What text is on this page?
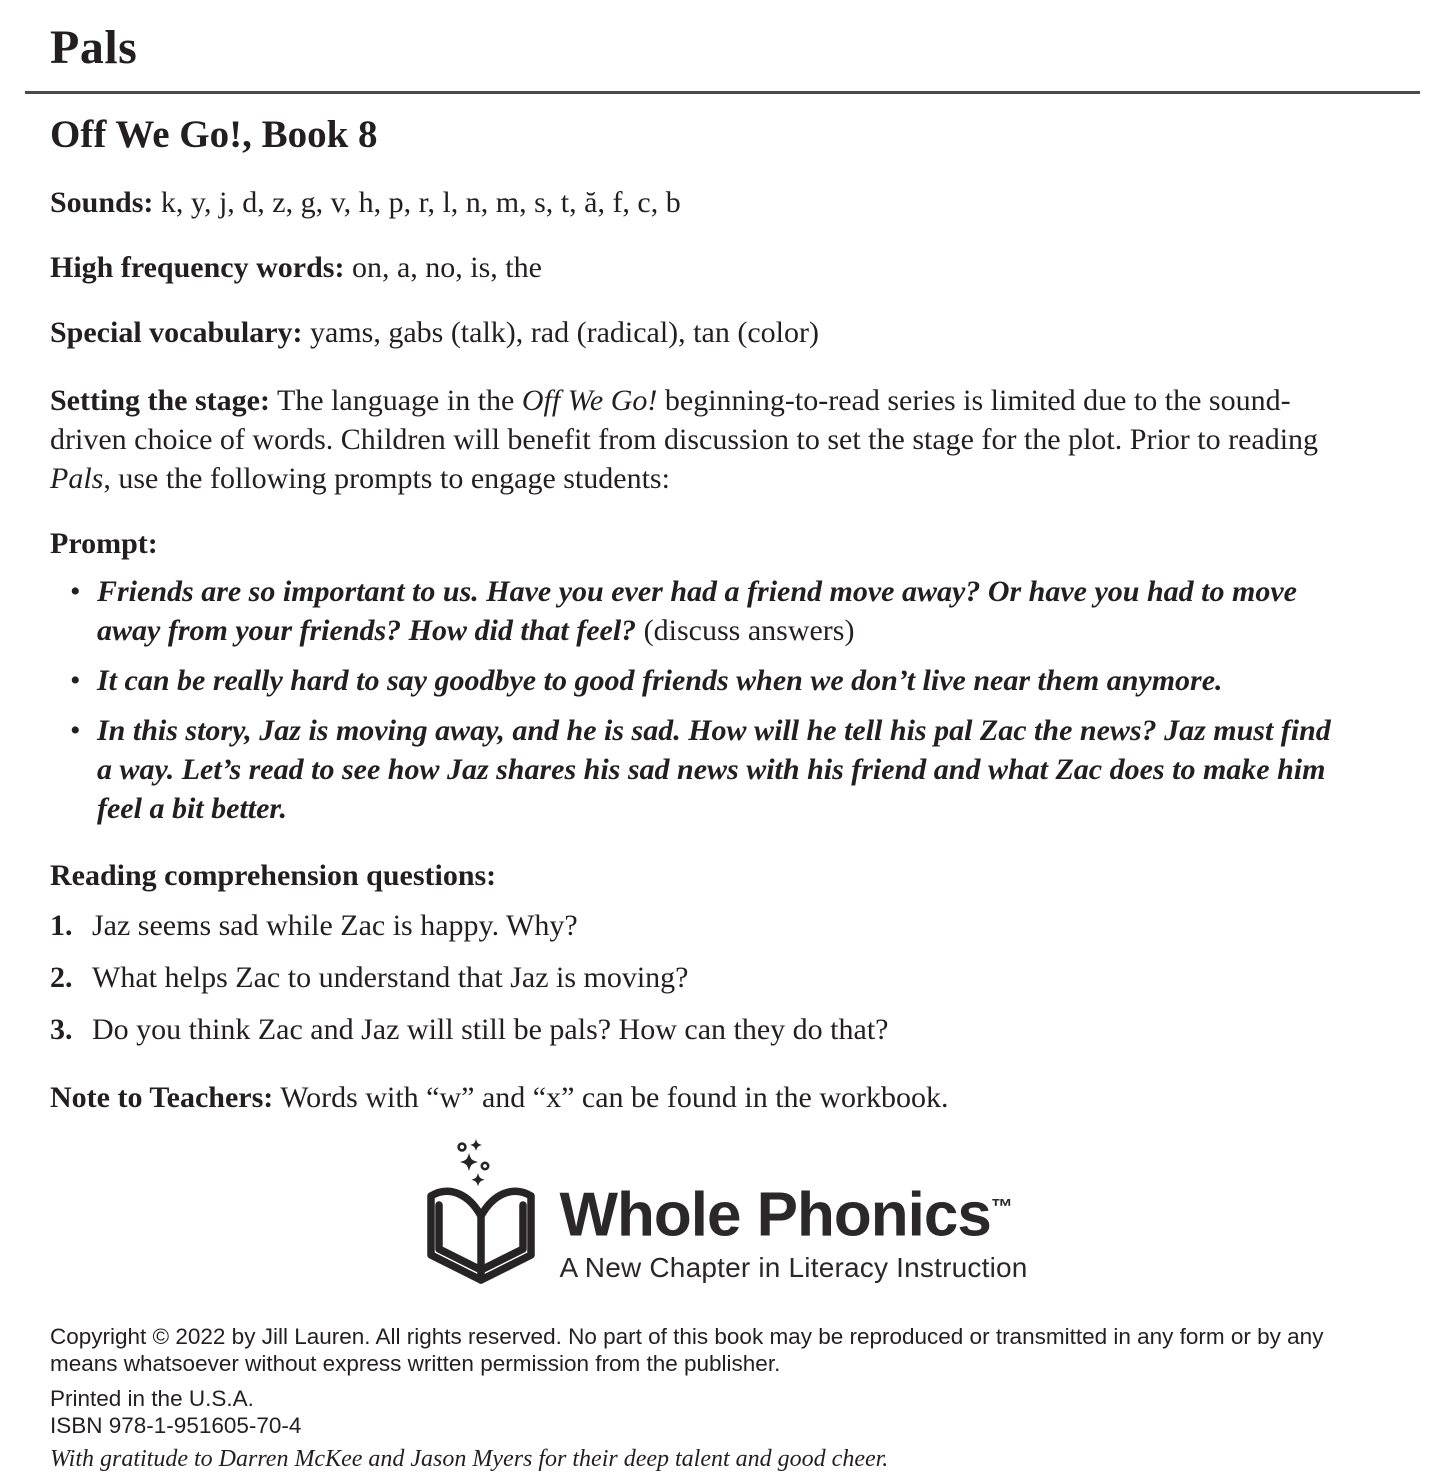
Pals
Off We Go!, Book 8

Sounds: k, y, j, d, z, g, v, h, p, r, l, n, m, s, t, ă, f, c, b

High frequency words: on, a, no, is, the

Special vocabulary: yams, gabs (talk), rad (radical), tan (color)

Setting the stage: The language in the Off We Go! beginning-to-read series is limited due to the sound-driven choice of words. Children will benefit from discussion to set the stage for the plot. Prior to reading Pals, use the following prompts to engage students:

Prompt:

• Friends are so important to us. Have you ever had a friend move away? Or have you had to move away from your friends? How did that feel? (discuss answers)
• It can be really hard to say goodbye to good friends when we don’t live near them anymore.
• In this story, Jaz is moving away, and he is sad. How will he tell his pal Zac the news? Jaz must find a way. Let’s read to see how Jaz shares his sad news with his friend and what Zac does to make him feel a bit better.
Reading comprehension questions:
1. Jaz seems sad while Zac is happy. Why?
2. What helps Zac to understand that Jaz is moving?
3. Do you think Zac and Jaz will still be pals? How can they do that?

Note to Teachers: Words with “w” and “x” can be found in the workbook.

Whole Phonics™
A New Chapter in Literacy Instruction

Copyright © 2022 by Jill Lauren. All rights reserved. No part of this book may be reproduced or transmitted in any form or by any means whatsoever without express written permission from the publisher.

Printed in the U.S.A.

ISBN 978-1-951605-70-4

With gratitude to Darren McKee and Jason Myers for their deep talent and good cheer.
